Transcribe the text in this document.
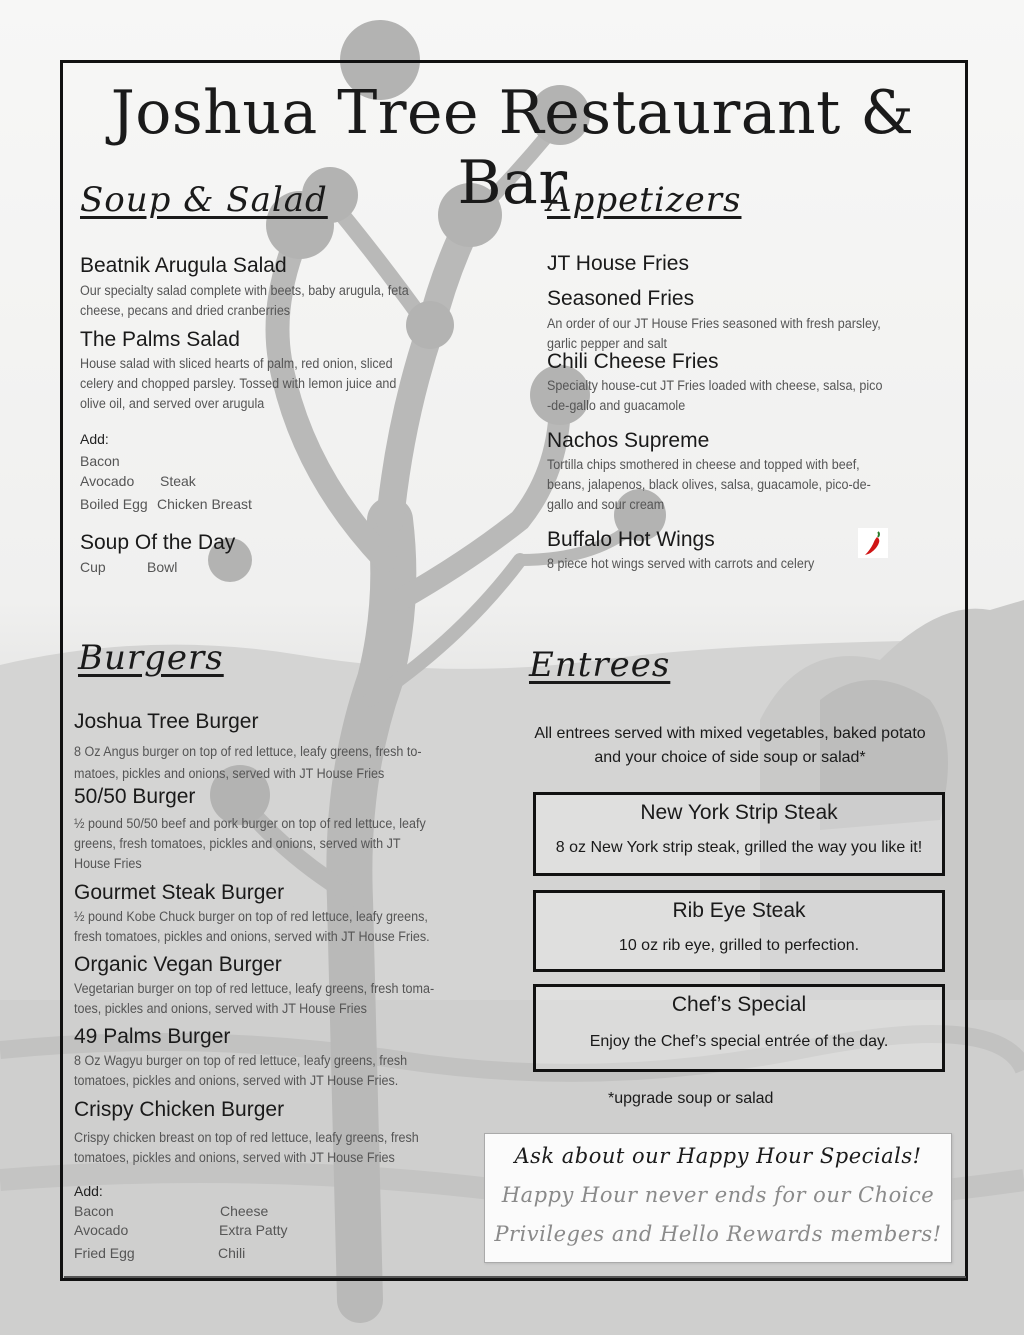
Joshua Tree Restaurant & Bar
Soup & Salad
Beatnik Arugula Salad
Our specialty salad complete with beets, baby arugula, feta
cheese, pecans and dried cranberries
The Palms Salad
House salad with sliced hearts of palm, red onion, sliced
celery and chopped parsley. Tossed with lemon juice and
olive oil, and served over arugula
Add:
Bacon
Avocado Steak
Boiled Egg Chicken Breast
Soup Of the Day
Cup	Bowl
Appetizers
JT House Fries
Seasoned Fries
An order of our JT House Fries seasoned with fresh parsley,
garlic pepper and salt
Chili Cheese Fries
Specialty house-cut JT Fries loaded with cheese, salsa, pico
-de-gallo and guacamole
Nachos Supreme
Tortilla chips smothered in cheese and topped with beef,
beans, jalapenos, black olives, salsa, guacamole, pico-de-
gallo and sour cream
Buffalo Hot Wings
8 piece hot wings served with carrots and celery
Burgers
Joshua Tree Burger
8 Oz Angus burger on top of red lettuce, leafy greens, fresh to-
matoes, pickles and onions, served with JT House Fries
50/50 Burger
½ pound 50/50 beef and pork burger on top of red lettuce, leafy
greens, fresh tomatoes, pickles and onions, served with JT
House Fries
Gourmet Steak Burger
½ pound Kobe Chuck burger on top of red lettuce, leafy greens,
fresh tomatoes, pickles and onions, served with JT House Fries.
Organic Vegan Burger
Vegetarian burger on top of red lettuce, leafy greens, fresh toma-
toes, pickles and onions, served with JT House Fries
49 Palms Burger
8 Oz Wagyu burger on top of red lettuce, leafy greens, fresh
tomatoes, pickles and onions, served with JT House Fries.
Crispy Chicken Burger
Crispy chicken breast on top of red lettuce, leafy greens, fresh
tomatoes, pickles and onions, served with JT House Fries
Add:
Bacon	Cheese
Avocado	Extra Patty
Fried Egg	Chili
Entrees
All entrees served with mixed vegetables, baked potato
and your choice of side soup or salad*
New York Strip Steak
8 oz New York strip steak, grilled the way you like it!
Rib Eye Steak
10 oz rib eye, grilled to perfection.
Chef’s Special
Enjoy the Chef’s special entrée of the day.
*upgrade soup or salad
Ask about our Happy Hour Specials!
Happy Hour never ends for our Choice
Privileges and Hello Rewards members!
